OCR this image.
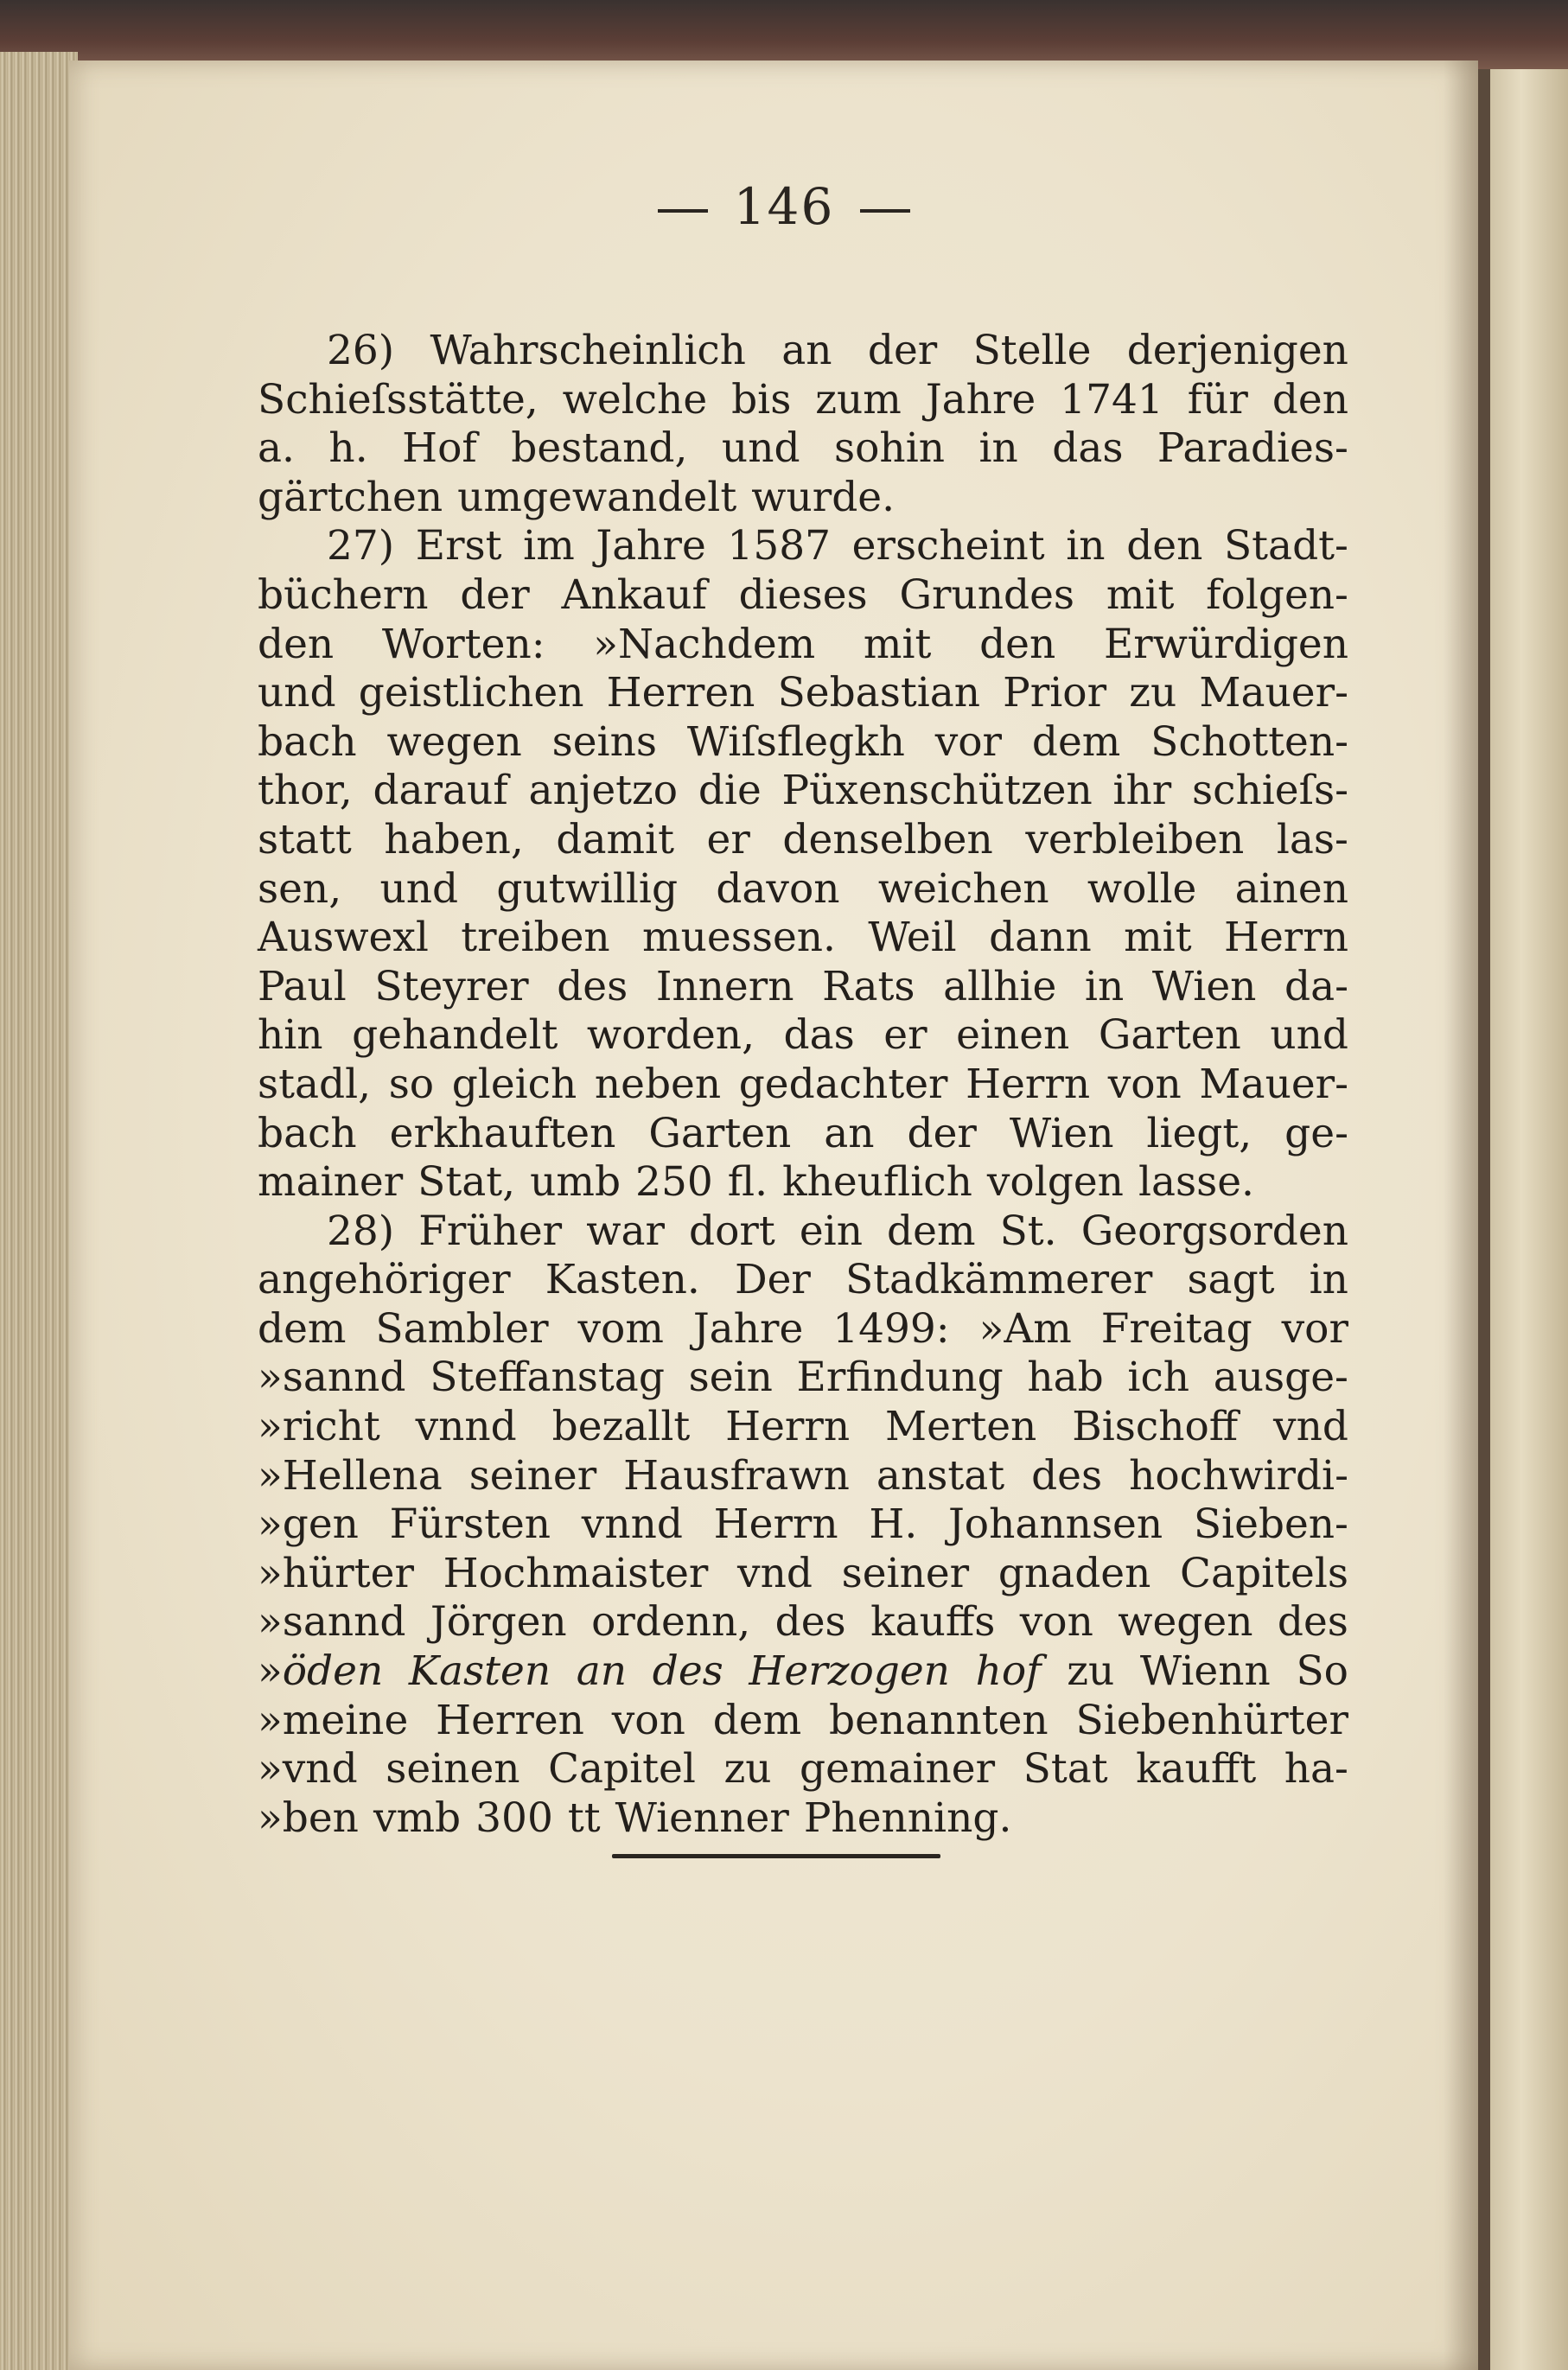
146
26) Wahrscheinlich an der Stelle derjenigen
Schieſsstätte, welche bis zum Jahre 1741 für den
a. h. Hof bestand, und sohin in das Paradies-
gärtchen umgewandelt wurde.
27) Erst im Jahre 1587 erscheint in den Stadt-
büchern der Ankauf dieses Grundes mit folgen-
den Worten: »Nachdem mit den Erwürdigen
und geistlichen Herren Sebastian Prior zu Mauer-
bach wegen seins Wiſsflegkh vor dem Schotten-
thor, darauf anjetzo die Püxenschützen ihr schieſs-
statt haben, damit er denselben verbleiben las-
sen, und gutwillig davon weichen wolle ainen
Auswexl treiben muessen. Weil dann mit Herrn
Paul Steyrer des Innern Rats allhie in Wien da-
hin gehandelt worden, das er einen Garten und
stadl, so gleich neben gedachter Herrn von Mauer-
bach erkhauften Garten an der Wien liegt, ge-
mainer Stat, umb 250 fl. kheuflich volgen lasse.
28) Früher war dort ein dem St. Georgsorden
angehöriger Kasten. Der Stadkämmerer sagt in
dem Sambler vom Jahre 1499: »Am Freitag vor
»sannd Steffanstag sein Erfindung hab ich ausge-
»richt vnnd bezallt Herrn Merten Bischoff vnd
»Hellena seiner Hausfrawn anstat des hochwirdi-
»gen Fürsten vnnd Herrn H. Johannsen Sieben-
»hürter Hochmaister vnd seiner gnaden Capitels
»sannd Jörgen ordenn, des kauffs von wegen des
»öden Kasten an des Herzogen hof zu Wienn So
»meine Herren von dem benannten Siebenhürter
»vnd seinen Capitel zu gemainer Stat kaufft ha-
»ben vmb 300 tt Wienner Phenning.
